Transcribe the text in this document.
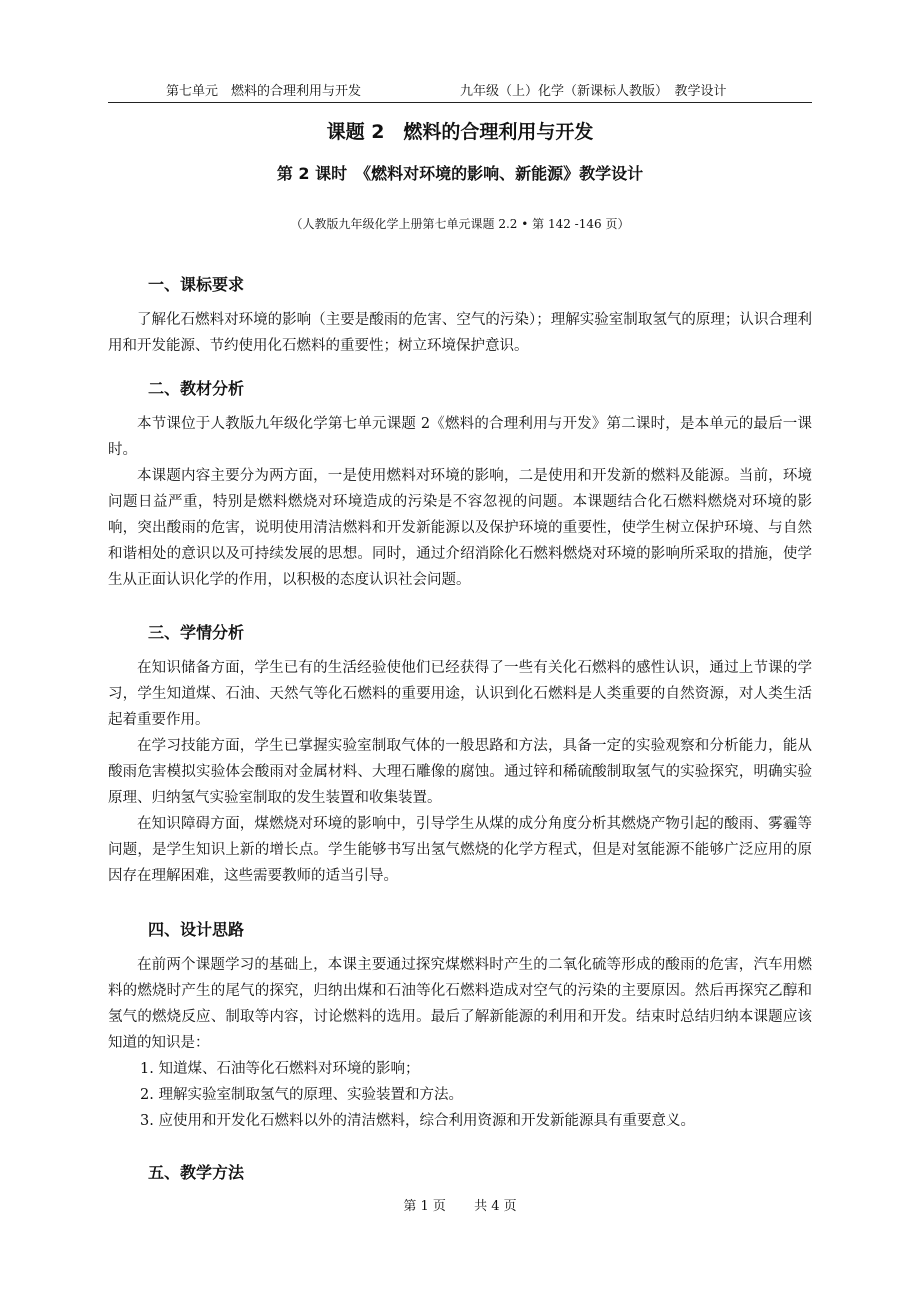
第七单元　燃料的合理利用与开发	九年级（上）化学（新课标人教版）　教学设计
课题 2　燃料的合理利用与开发
第 2 课时　《燃料对环境的影响、新能源》教学设计
（人教版九年级化学上册第七单元课题 2.2 • 第 142 -146 页）
一、课标要求

了解化石燃料对环境的影响（主要是酸雨的危害、空气的污染）；理解实验室制取氢气的原理；认识合理利用和开发能源、节约使用化石燃料的重要性；树立环境保护意识。

二、教材分析

本节课位于人教版九年级化学第七单元课题 2《燃料的合理利用与开发》第二课时，是本单元的最后一课时。

本课题内容主要分为两方面，一是使用燃料对环境的影响，二是使用和开发新的燃料及能源。当前，环境问题日益严重，特别是燃料燃烧对环境造成的污染是不容忽视的问题。本课题结合化石燃料燃烧对环境的影响，突出酸雨的危害，说明使用清洁燃料和开发新能源以及保护环境的重要性，使学生树立保护环境、与自然和谐相处的意识以及可持续发展的思想。同时，通过介绍消除化石燃料燃烧对环境的影响所采取的措施，使学生从正面认识化学的作用，以积极的态度认识社会问题。

三、学情分析

在知识储备方面，学生已有的生活经验使他们已经获得了一些有关化石燃料的感性认识，通过上节课的学习，学生知道煤、石油、天然气等化石燃料的重要用途，认识到化石燃料是人类重要的自然资源，对人类生活起着重要作用。

在学习技能方面，学生已掌握实验室制取气体的一般思路和方法，具备一定的实验观察和分析能力，能从酸雨危害模拟实验体会酸雨对金属材料、大理石雕像的腐蚀。通过锌和稀硫酸制取氢气的实验探究，明确实验原理、归纳氢气实验室制取的发生装置和收集装置。

在知识障碍方面，煤燃烧对环境的影响中，引导学生从煤的成分角度分析其燃烧产物引起的酸雨、雾霾等问题，是学生知识上新的增长点。学生能够书写出氢气燃烧的化学方程式，但是对氢能源不能够广泛应用的原因存在理解困难，这些需要教师的适当引导。

四、设计思路

在前两个课题学习的基础上，本课主要通过探究煤燃料时产生的二氧化硫等形成的酸雨的危害，汽车用燃料的燃烧时产生的尾气的探究，归纳出煤和石油等化石燃料造成对空气的污染的主要原因。然后再探究乙醇和氢气的燃烧反应、制取等内容，讨论燃料的选用。最后了解新能源的利用和开发。结束时总结归纳本课题应该知道的知识是：

1. 知道煤、石油等化石燃料对环境的影响；
2. 理解实验室制取氢气的原理、实验装置和方法。
3. 应使用和开发化石燃料以外的清洁燃料，综合利用资源和开发新能源具有重要意义。
五、教学方法
第 1 页 共 4 页
